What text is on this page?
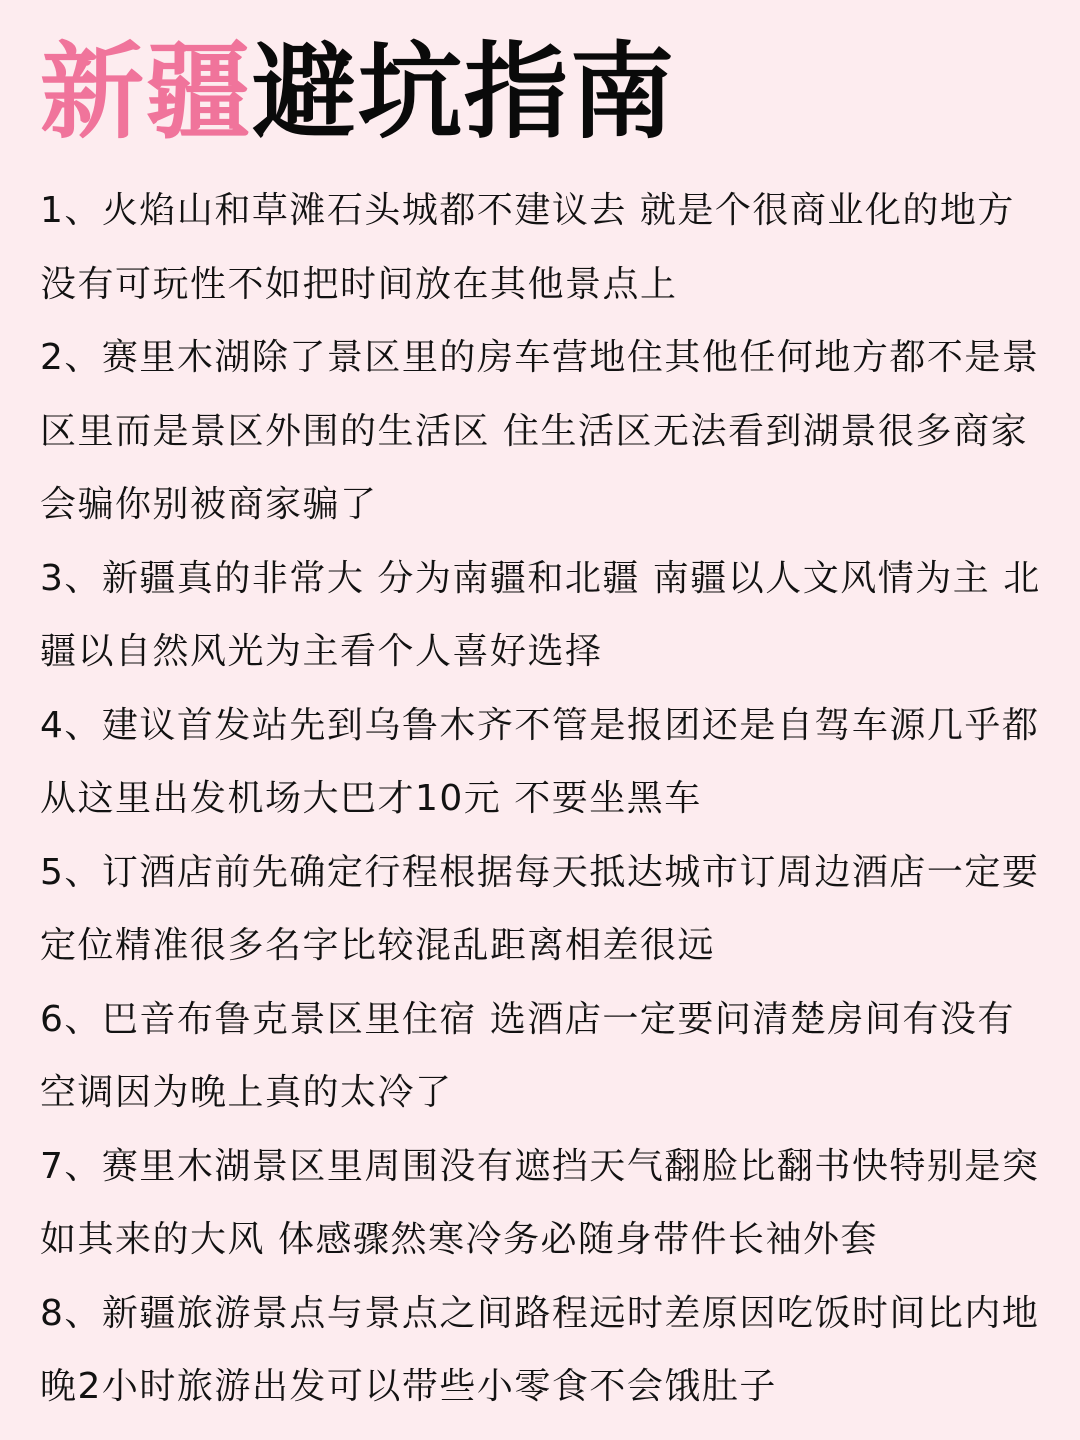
新疆避坑指南
1、火焰山和草滩石头城都不建议去 就是个很商业化的地方没有可玩性不如把时间放在其他景点上
2、赛里木湖除了景区里的房车营地住其他任何地方都不是景区里而是景区外围的生活区 住生活区无法看到湖景很多商家会骗你别被商家骗了
3、新疆真的非常大 分为南疆和北疆 南疆以人文风情为主 北疆以自然风光为主看个人喜好选择
4、建议首发站先到乌鲁木齐不管是报团还是自驾车源几乎都从这里出发机场大巴才10元 不要坐黑车
5、订酒店前先确定行程根据每天抵达城市订周边酒店一定要定位精准很多名字比较混乱距离相差很远
6、巴音布鲁克景区里住宿 选酒店一定要问清楚房间有没有空调因为晚上真的太冷了
7、赛里木湖景区里周围没有遮挡天气翻脸比翻书快特别是突如其来的大风 体感骤然寒冷务必随身带件长袖外套
8、新疆旅游景点与景点之间路程远时差原因吃饭时间比内地晚2小时旅游出发可以带些小零食不会饿肚子
